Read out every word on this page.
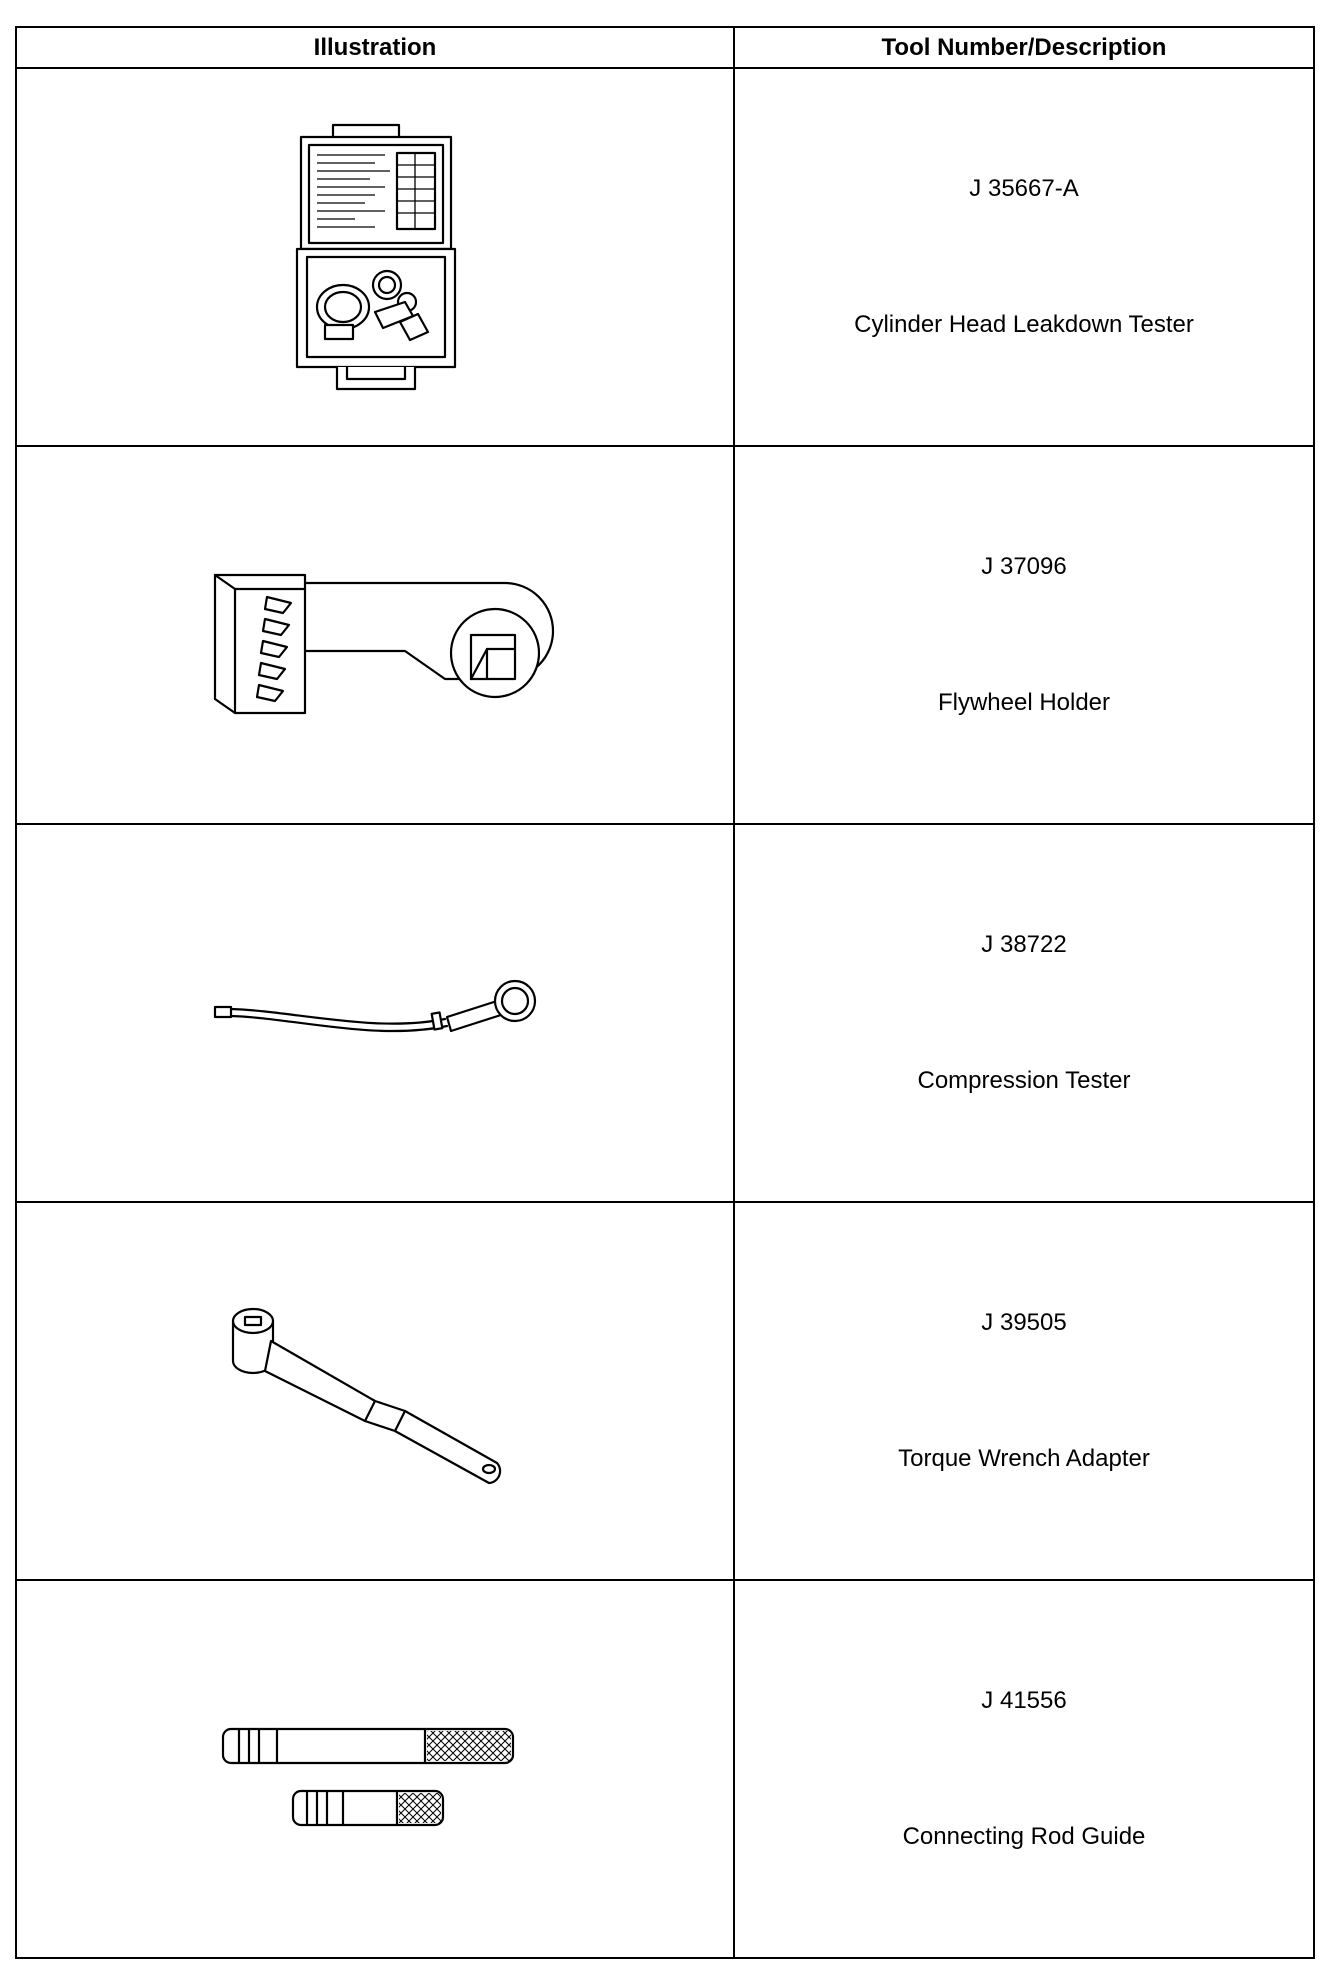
Illustration	Tool Number/Description

J 35667-A
Cylinder Head Leakdown Tester

J 37096
Flywheel Holder

J 38722
Compression Tester

J 39505
Torque Wrench Adapter

J 41556
Connecting Rod Guide
